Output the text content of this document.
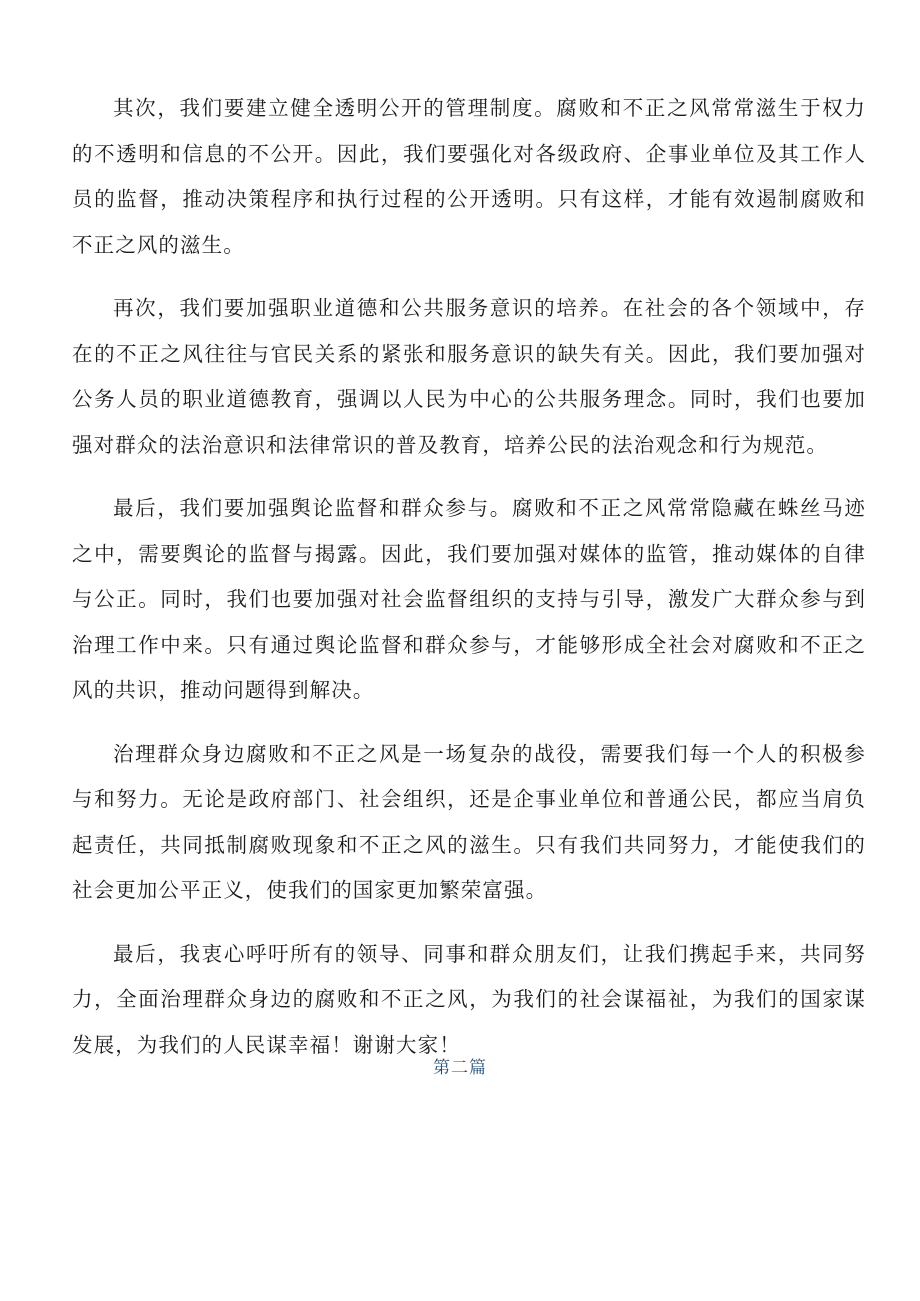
其次，我们要建立健全透明公开的管理制度。腐败和不正之风常常滋生于权力的不透明和信息的不公开。因此，我们要强化对各级政府、企事业单位及其工作人员的监督，推动决策程序和执行过程的公开透明。只有这样，才能有效遏制腐败和不正之风的滋生。

再次，我们要加强职业道德和公共服务意识的培养。在社会的各个领域中，存在的不正之风往往与官民关系的紧张和服务意识的缺失有关。因此，我们要加强对公务人员的职业道德教育，强调以人民为中心的公共服务理念。同时，我们也要加强对群众的法治意识和法律常识的普及教育，培养公民的法治观念和行为规范。

最后，我们要加强舆论监督和群众参与。腐败和不正之风常常隐藏在蛛丝马迹之中，需要舆论的监督与揭露。因此，我们要加强对媒体的监管，推动媒体的自律与公正。同时，我们也要加强对社会监督组织的支持与引导，激发广大群众参与到治理工作中来。只有通过舆论监督和群众参与，才能够形成全社会对腐败和不正之风的共识，推动问题得到解决。

治理群众身边腐败和不正之风是一场复杂的战役，需要我们每一个人的积极参与和努力。无论是政府部门、社会组织，还是企事业单位和普通公民，都应当肩负起责任，共同抵制腐败现象和不正之风的滋生。只有我们共同努力，才能使我们的社会更加公平正义，使我们的国家更加繁荣富强。

最后，我衷心呼吁所有的领导、同事和群众朋友们，让我们携起手来，共同努力，全面治理群众身边的腐败和不正之风，为我们的社会谋福祉，为我们的国家谋发展，为我们的人民谋幸福！谢谢大家！

第二篇
